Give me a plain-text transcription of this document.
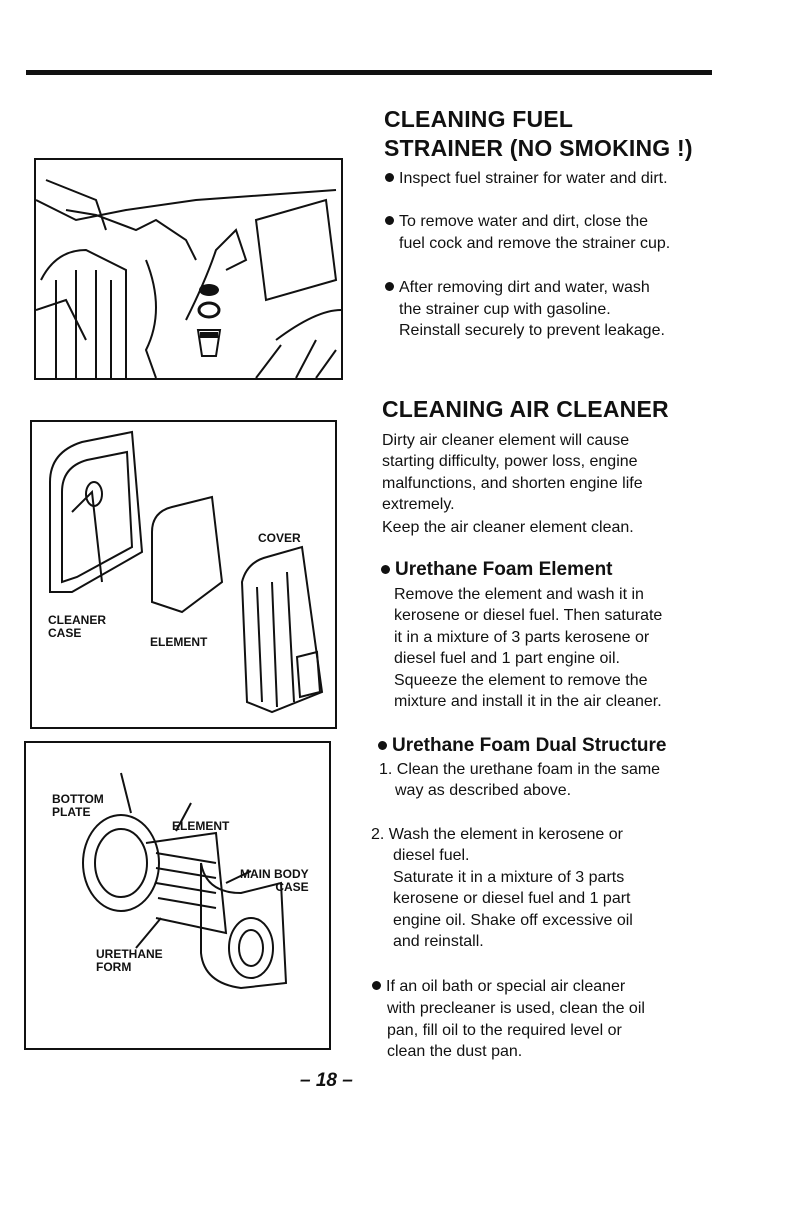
COVER
CLEANER
CASE
ELEMENT
BOTTOM
PLATE
ELEMENT
MAIN BODY
CASE
URETHANE
FORM
CLEANING FUEL
STRAINER (NO SMOKING !)
Inspect fuel strainer for water and dirt.
To remove water and dirt, close the
fuel cock and remove the strainer cup.
After removing dirt and water, wash
the strainer cup with gasoline.
Reinstall securely to prevent leakage.
CLEANING AIR CLEANER
Dirty air cleaner element will cause
starting difficulty, power loss, engine
malfunctions, and shorten engine life
extremely.
Keep the air cleaner element clean.
Urethane Foam Element
Remove the element and wash it in
kerosene or diesel fuel. Then saturate
it in a mixture of 3 parts kerosene or
diesel fuel and 1 part engine oil.
Squeeze the element to remove the
mixture and install it in the air cleaner.
Urethane Foam Dual Structure
1. Clean the urethane foam in the same
way as described above.
2. Wash the element in kerosene or
diesel fuel.
Saturate it in a mixture of 3 parts
kerosene or diesel fuel and 1 part
engine oil. Shake off excessive oil
and reinstall.
If an oil bath or special air cleaner
with precleaner is used, clean the oil
pan, fill oil to the required level or
clean the dust pan.
– 18 –
